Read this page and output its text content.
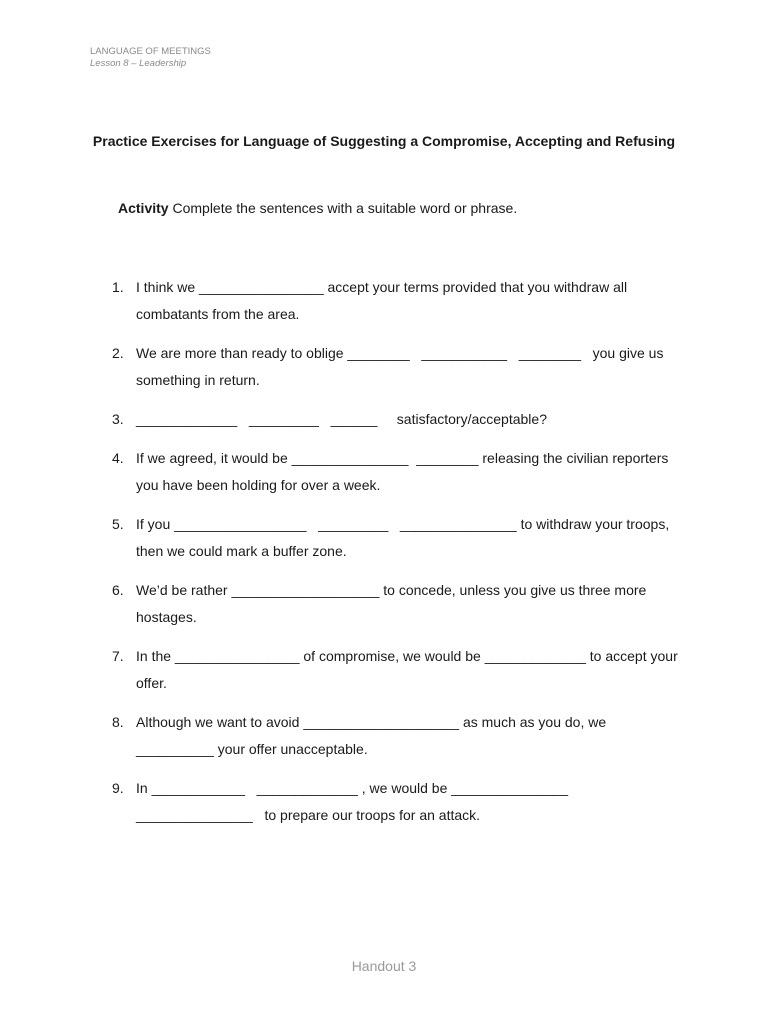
LANGUAGE OF MEETINGS
Lesson 8 – Leadership
Practice Exercises for Language of Suggesting a Compromise, Accepting and Refusing
Activity Complete the sentences with a suitable word or phrase.
1. I think we ________________ accept your terms provided that you withdraw all combatants from the area.
2. We are more than ready to oblige ________   ___________   ________   you give us something in return.
3. _____________   _________   ______     satisfactory/acceptable?
4. If we agreed, it would be _______________  ________ releasing the civilian reporters you have been holding for over a week.
5. If you _________________   _________   _______________ to withdraw your troops, then we could mark a buffer zone.
6. We’d be rather ___________________ to concede, unless you give us three more hostages.
7. In the ________________ of compromise, we would be _____________ to accept your offer.
8. Although we want to avoid ____________________ as much as you do, we __________ your offer unacceptable.
9. In ____________   _____________ , we would be _______________ _______________   to prepare our troops for an attack.
Handout 3
